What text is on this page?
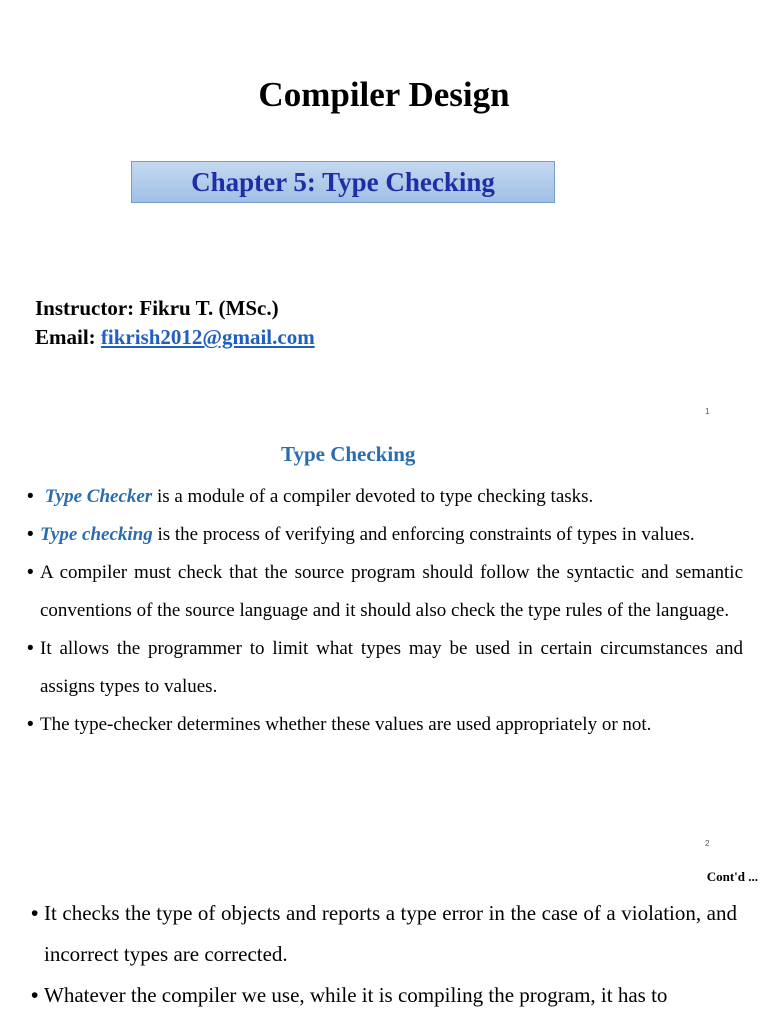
Compiler Design
Chapter 5: Type Checking
Instructor: Fikru T. (MSc.)
Email: fikrish2012@gmail.com
1
Type Checking
• Type Checker is a module of a compiler devoted to type checking tasks.
• Type checking is the process of verifying and enforcing constraints of types in values.
• A compiler must check that the source program should follow the syntactic and semantic conventions of the source language and it should also check the type rules of the language.
• It allows the programmer to limit what types may be used in certain circumstances and assigns types to values.
• The type-checker determines whether these values are used appropriately or not.
2
Cont'd ...
• It checks the type of objects and reports a type error in the case of a violation, and incorrect types are corrected.
• Whatever the compiler we use, while it is compiling the program, it has to
